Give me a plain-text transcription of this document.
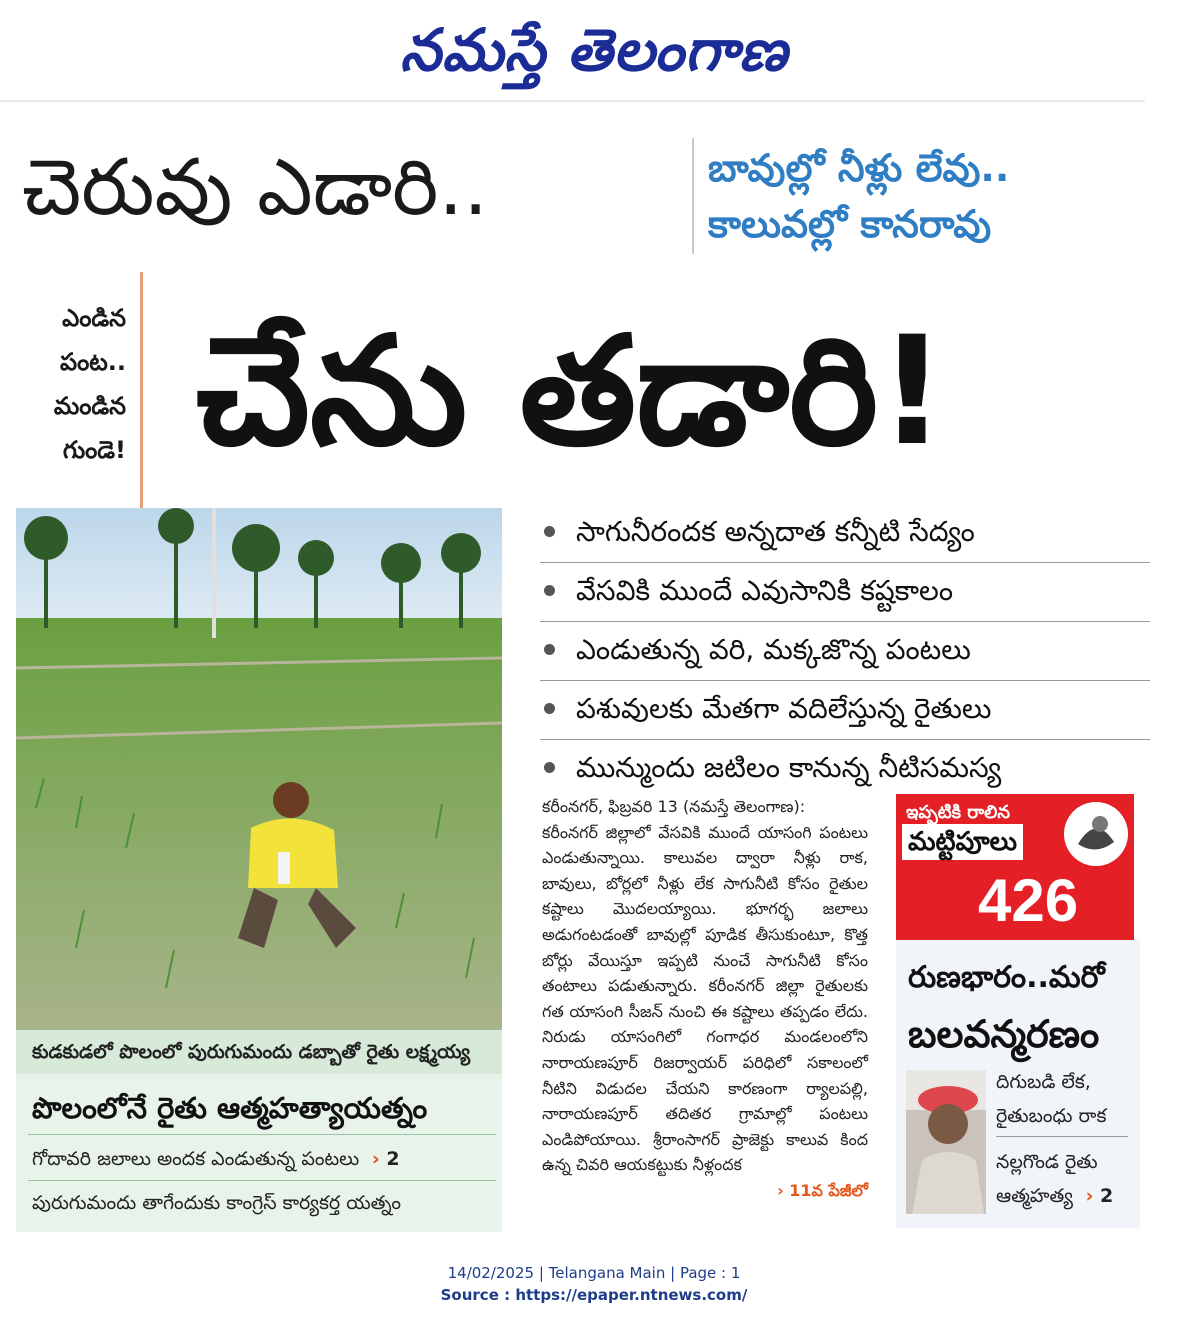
నమస్తే తెలంగాణ
చెరువు ఎడారి..	బావుల్లో నీళ్లు లేవు..
కాలువల్లో కానరావు
ఎండిన
పంట..
మండిన
గుండె! చేను తడారి!
కుడకుడలో పొలంలో పురుగుమందు డబ్బాతో రైతు లక్ష్మయ్య
పొలంలోనే రైతు ఆత్మహత్యాయత్నం
గోదావరి జలాలు అందక ఎండుతున్న పంటలు  › 2
పురుగుమందు తాగేందుకు కాంగ్రెస్ కార్యకర్త యత్నం
సాగునీరందక అన్నదాత కన్నీటి సేద్యం
వేసవికి ముందే ఎవుసానికి కష్టకాలం
ఎండుతున్న వరి, మక్కజొన్న పంటలు
పశువులకు మేతగా వదిలేస్తున్న రైతులు
మున్ముందు జటిలం కానున్న నీటిసమస్య

కరీంనగర్, ఫిబ్రవరి 13 (నమస్తే తెలంగాణ):

కరీంనగర్ జిల్లాలో వేసవికి ముందే యాసంగి పంటలు ఎండుతున్నాయి. కాలువల ద్వారా నీళ్లు రాక, బావులు, బోర్లలో నీళ్లు లేక సాగునీటి కోసం రైతుల కష్టాలు మొదలయ్యాయి. భూగర్భ జలాలు అడుగంటడంతో బావుల్లో పూడిక తీసుకుంటూ, కొత్త బోర్లు వేయిస్తూ ఇప్పటి నుంచే సాగునీటి కోసం తంటాలు పడుతున్నారు. కరీంనగర్ జిల్లా రైతులకు గత యాసంగి సీజన్ నుంచి ఈ కష్టాలు తప్పడం లేదు. నిరుడు యాసంగిలో గంగాధర మండలంలోని నారాయణపూర్ రిజర్వాయర్ పరిధిలో సకాలంలో నీటిని విడుదల చేయని కారణంగా ర్యాలపల్లి, నారాయణపూర్ తదితర గ్రామాల్లో పంటలు ఎండిపోయాయి. శ్రీరాంసాగర్ ప్రాజెక్టు కాలువ కింద ఉన్న చివరి ఆయకట్టుకు నీళ్లందక

› 11వ పేజీలో

ఇప్పటికి రాలిన
మట్టిపూలు
426
రుణభారం..మరో
బలవన్మరణం
దిగుబడి లేక,
రైతుబంధు రాక
నల్లగొండ రైతు
ఆత్మహత్య  › 2
14/02/2025 | Telangana Main | Page : 1
Source : https://epaper.ntnews.com/
